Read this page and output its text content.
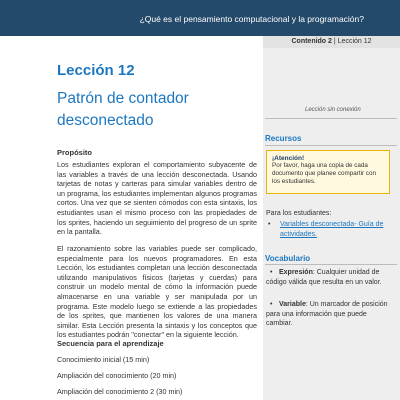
¿Qué es el pensamiento computacional y la programación?
Contenido 2 | Lección 12
Lección 12
Patrón de contador desconectado
Propósito
Los estudiantes exploran el comportamiento subyacente de las variables a través de una lección desconectada. Usando tarjetas de notas y carteras para simular variables dentro de un programa, los estudiantes implementan algunos programas cortos. Una vez que se sienten cómodos con esta sintaxis, los estudiantes usan el mismo proceso con las propiedades de los sprites, haciendo un seguimiento del progreso de un sprite en la pantalla.
El razonamiento sobre las variables puede ser complicado, especialmente para los nuevos programadores. En esta Lección, los estudiantes completan una lección desconectada utilizando manipulativos físicos (tarjetas y cuerdas) para construir un modelo mental de cómo la información puede almacenarse en una variable y ser manipulada por un programa. Este modelo luego se extiende a las propiedades de los sprites, que mantienen los valores de una manera similar. Esta Lección presenta la sintaxis y los conceptos que los estudiantes podrán "conectar" en la siguiente lección.
Secuencia para el aprendizaje
Conocimiento inicial (15 min)
Ampliación del conocimiento (20 min)
Ampliación del conocimiento 2 (30 min)
Lección sin conexión
Recursos
¡Atención!
Por favor, haga una copia de cada documento que planee compartir con los estudiantes.
Para los estudiantes:
• Variables desconectada- Guía de actividades.
Vocabulario
• Expresión: Cualquier unidad de código válida que resulta en un valor.
• Variable: Un marcador de posición para una información que puede cambiar.
